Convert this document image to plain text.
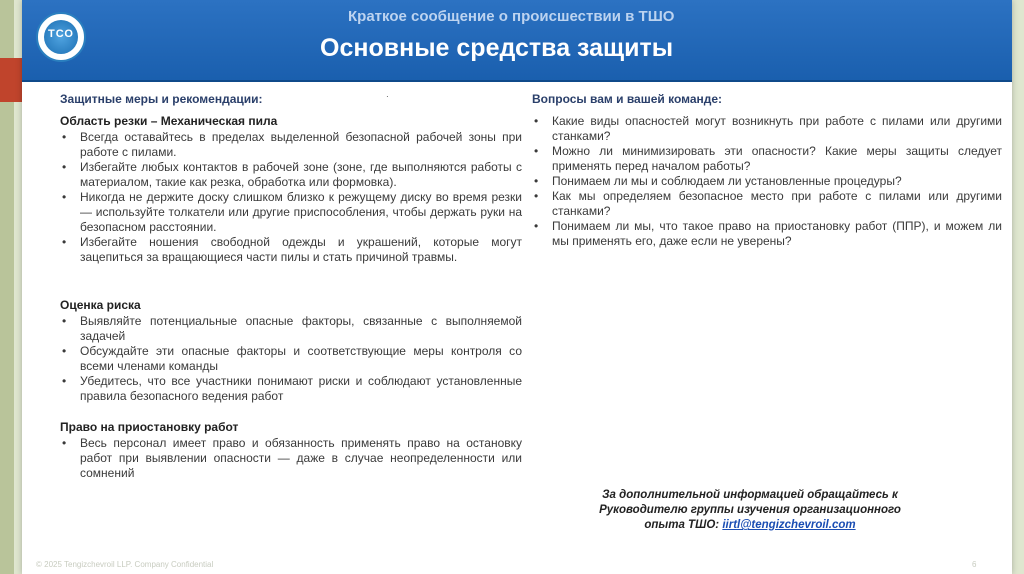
ТСО
Краткое сообщение о происшествии в ТШО
Основные средства защиты
Защитные меры и рекомендации:
Область резки – Механическая пила
• Всегда оставайтесь в пределах выделенной безопасной рабочей зоны при работе с пилами.
• Избегайте любых контактов в рабочей зоне (зоне, где выполняются работы с материалом, такие как резка, обработка или формовка).
• Никогда не держите доску слишком близко к режущему диску во время резки — используйте толкатели или другие приспособления, чтобы держать руки на безопасном расстоянии.
• Избегайте ношения свободной одежды и украшений, которые могут зацепиться за вращающиеся части пилы и стать причиной травмы.
Оценка риска
• Выявляйте потенциальные опасные факторы, связанные с выполняемой задачей
• Обсуждайте эти опасные факторы и соответствующие меры контроля со всеми членами команды
• Убедитесь, что все участники понимают риски и соблюдают установленные правила безопасного ведения работ
Право на приостановку работ
• Весь персонал имеет право и обязанность применять право на остановку работ при выявлении опасности — даже в случае неопределенности или сомнений
Вопросы вам и вашей команде:
• Какие виды опасностей могут возникнуть при работе с пилами или другими станками?
• Можно ли минимизировать эти опасности? Какие меры защиты следует применять перед началом работы?
• Понимаем ли мы и соблюдаем ли установленные процедуры?
• Как мы определяем безопасное место при работе с пилами или другими станками?
• Понимаем ли мы, что такое право на приостановку работ (ППР), и можем ли мы применять его, даже если не уверены?
За дополнительной информацией обращайтесь к
Руководителю группы изучения организационного
опыта ТШО: iirtl@tengizchevroil.com
·
© 2025 Tengizchevroil LLP. Company Confidential	6
